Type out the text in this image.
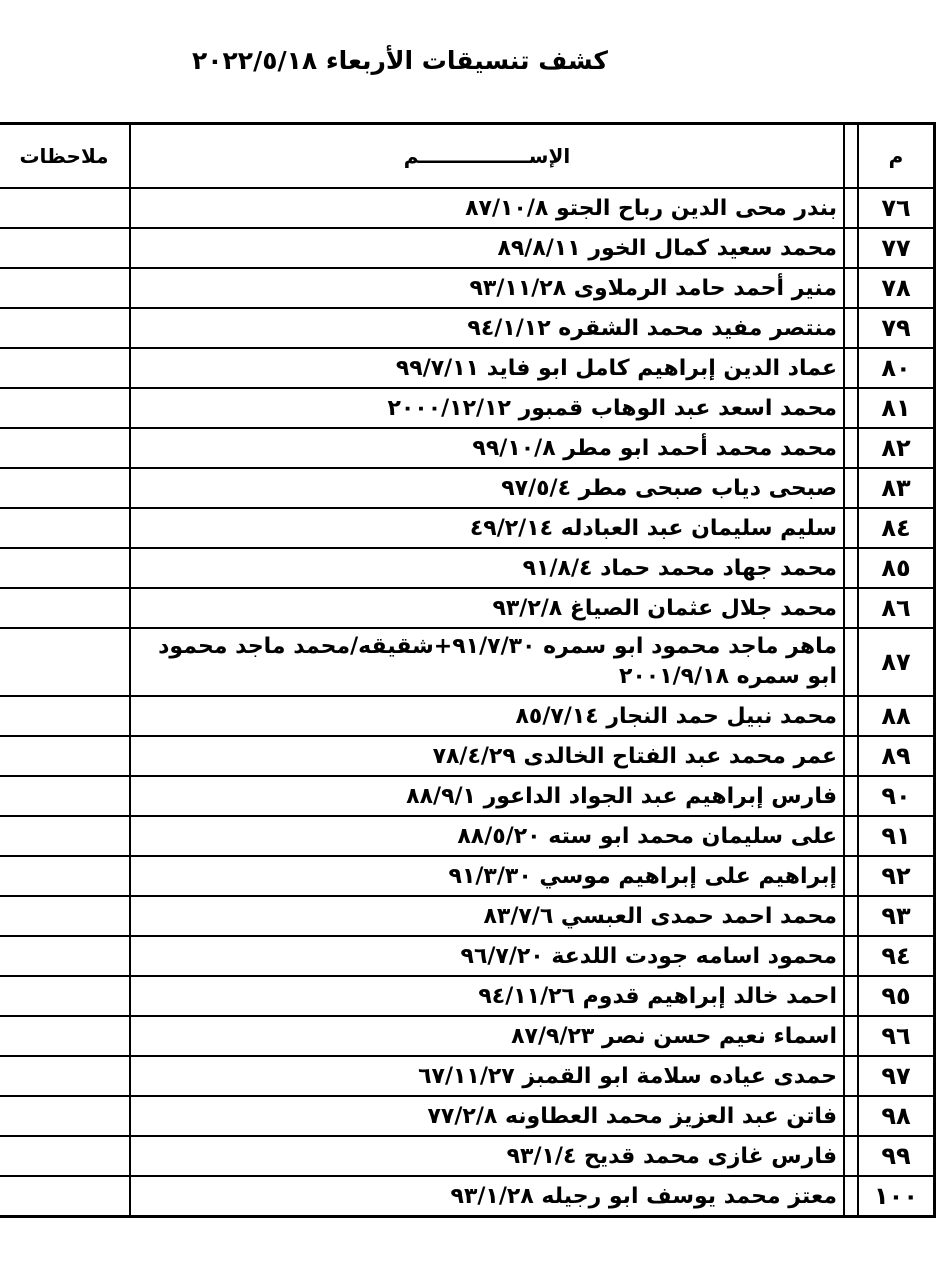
كشف تنسيقات الأربعاء ٢٠٢٢/٥/١٨
م		الإســــــــــــــــم	ملاحظات
٧٦		بندر محى الدين رباح الجتو ٨٧/١٠/٨	
٧٧		محمد سعيد كمال الخور ٨٩/٨/١١	
٧٨		منير أحمد حامد الرملاوى ٩٣/١١/٢٨	
٧٩		منتصر مفيد محمد الشقره ٩٤/١/١٢	
٨٠		عماد الدين إبراهيم كامل ابو فايد ٩٩/٧/١١	
٨١		محمد اسعد عبد الوهاب قمبور ٢٠٠٠/١٢/١٢	
٨٢		محمد محمد أحمد ابو مطر ٩٩/١٠/٨	
٨٣		صبحى دياب صبحى مطر ٩٧/٥/٤	
٨٤		سليم سليمان عبد العبادله ٤٩/٢/١٤	
٨٥		محمد جهاد محمد حماد ٩١/٨/٤	
٨٦		محمد جلال عثمان الصياغ ٩٣/٢/٨	
٨٧		ماهر ماجد محمود ابو سمره ٩١/٧/٣٠+شقيقه/محمد ماجد محمود ابو سمره ٢٠٠١/٩/١٨	
٨٨		محمد نبيل حمد النجار ٨٥/٧/١٤	
٨٩		عمر محمد عبد الفتاح الخالدى ٧٨/٤/٢٩	
٩٠		فارس إبراهيم عبد الجواد الداعور ٨٨/٩/١	
٩١		على سليمان محمد ابو سته ٨٨/٥/٢٠	
٩٢		إبراهيم على إبراهيم موسي ٩١/٣/٣٠	
٩٣		محمد احمد حمدى العبسي ٨٣/٧/٦	
٩٤		محمود اسامه جودت اللدعة ٩٦/٧/٢٠	
٩٥		احمد خالد إبراهيم قدوم ٩٤/١١/٢٦	
٩٦		اسماء نعيم حسن نصر ٨٧/٩/٢٣	
٩٧		حمدى عياده سلامة ابو القمبز ٦٧/١١/٢٧	
٩٨		فاتن عبد العزيز محمد العطاونه ٧٧/٢/٨	
٩٩		فارس غازى محمد قديح ٩٣/١/٤	
١٠٠		معتز محمد يوسف ابو رجيله ٩٣/١/٢٨	
